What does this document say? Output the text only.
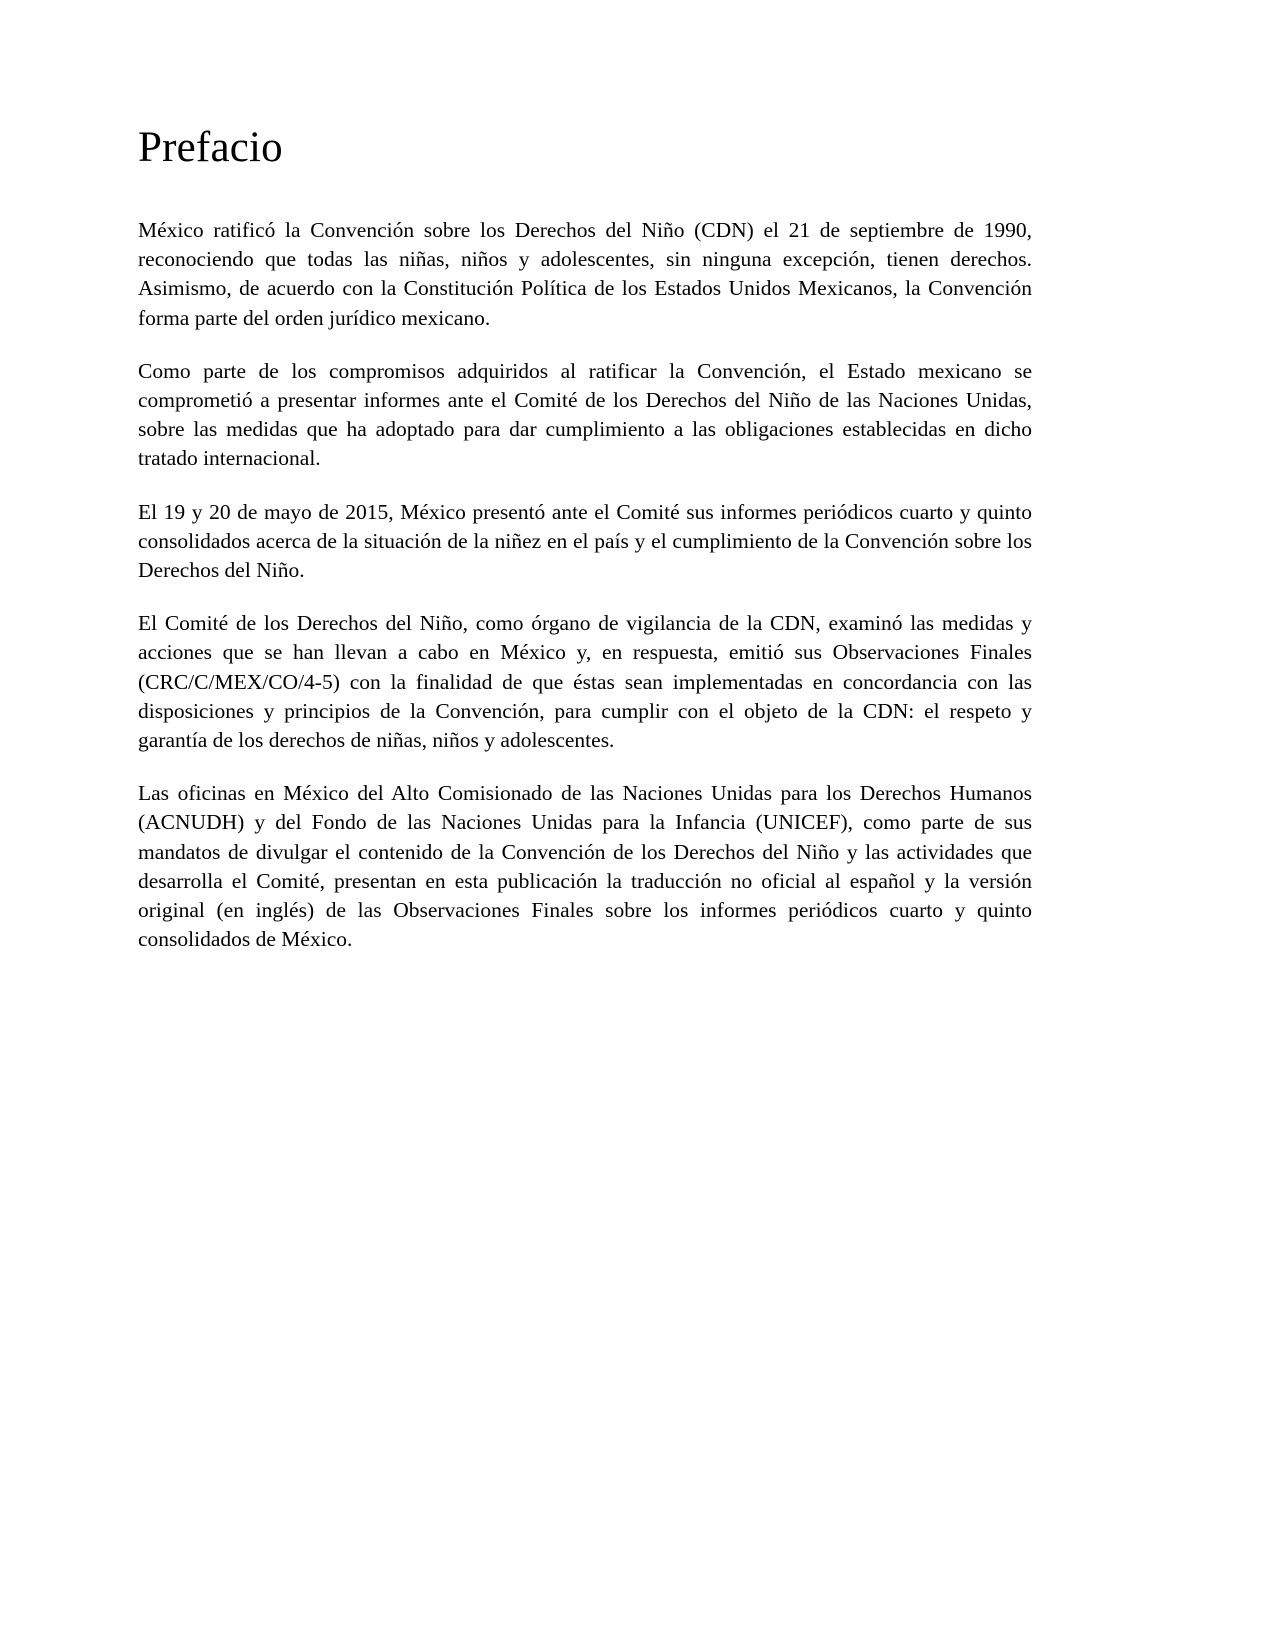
Prefacio

México ratificó la Convención sobre los Derechos del Niño (CDN) el 21 de septiembre de 1990, reconociendo que todas las niñas, niños y adolescentes, sin ninguna excepción, tienen derechos. Asimismo, de acuerdo con la Constitución Política de los Estados Unidos Mexicanos, la Convención forma parte del orden jurídico mexicano.

Como parte de los compromisos adquiridos al ratificar la Convención, el Estado mexicano se comprometió a presentar informes ante el Comité de los Derechos del Niño de las Naciones Unidas, sobre las medidas que ha adoptado para dar cumplimiento a las obligaciones establecidas en dicho tratado internacional.

El 19 y 20 de mayo de 2015, México presentó ante el Comité sus informes periódicos cuarto y quinto consolidados acerca de la situación de la niñez en el país y el cumplimiento de la Convención sobre los Derechos del Niño.

El Comité de los Derechos del Niño, como órgano de vigilancia de la CDN, examinó las medidas y acciones que se han llevan a cabo en México y, en respuesta, emitió sus Observaciones Finales (CRC/C/MEX/CO/4-5) con la finalidad de que éstas sean implementadas en concordancia con las disposiciones y principios de la Convención, para cumplir con el objeto de la CDN: el respeto y garantía de los derechos de niñas, niños y adolescentes.

Las oficinas en México del Alto Comisionado de las Naciones Unidas para los Derechos Humanos (ACNUDH) y del Fondo de las Naciones Unidas para la Infancia (UNICEF), como parte de sus mandatos de divulgar el contenido de la Convención de los Derechos del Niño y las actividades que desarrolla el Comité, presentan en esta publicación la traducción no oficial al español y la versión original (en inglés) de las Observaciones Finales sobre los informes periódicos cuarto y quinto consolidados de México.
